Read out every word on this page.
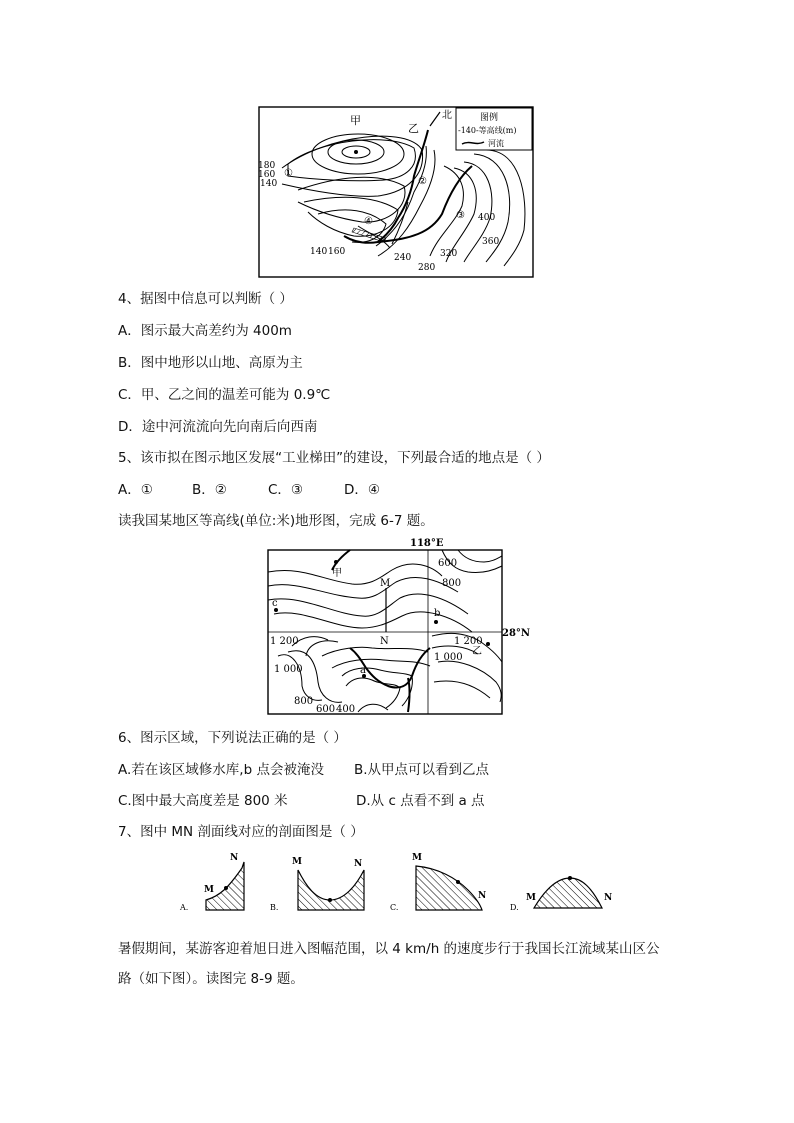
北
甲
乙
180
160
140
①
②
③
④	400
360
140 160
240
280
320
图例
-140-等高线(m)
河流
4、据图中信息可以判断（ ）
A．图示最大高差约为 400m
B．图中地形以山地、高原为主
C．甲、乙之间的温差可能为 0.9℃
D．途中河流流向先向南后向西南
5、该市拟在图示地区发展“工业梯田”的建设，下列最合适的地点是（ ）
A．①	B．②	C．③	D．④
读我国某地区等高线(单位:米)地形图，完成 6-7 题。
118°E
28°N
M
N
甲
c
b
乙
a
600
800
1 200	1 200
1 000
1 000
800
600 400
6、图示区域，下列说法正确的是（ ）
A.若在该区域修水库,b 点会被淹没 B.从甲点可以看到乙点
C.图中最大高度差是 800 米	D.从 c 点看不到 a 点
7、图中 MN 剖面线对应的剖面图是（ ）
A.
M
N
B.
M	N
C.
M
N
D.
M	N
暑假期间，某游客迎着旭日进入图幅范围，以 4 km/h 的速度步行于我国长江流域某山区公
路（如下图）。读图完 8-9 题。
